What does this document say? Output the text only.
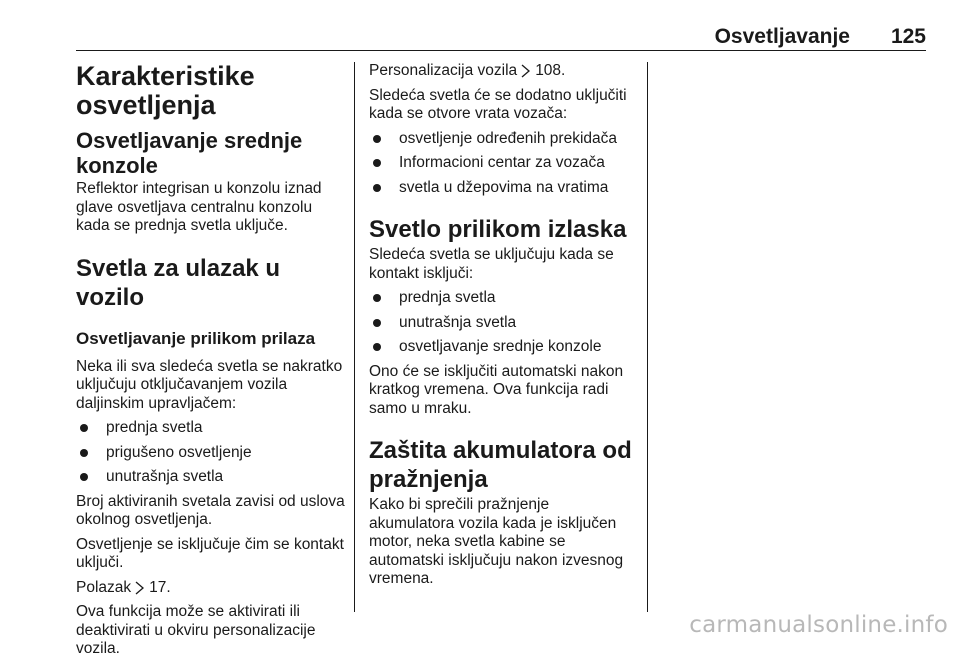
Osvetljavanje 125
Karakteristike osvetljenja
Osvetljavanje srednje konzole

Reflektor integrisan u konzolu iznad glave osvetljava centralnu konzolu kada se prednja svetla uključe.

Svetla za ulazak u vozilo
Osvetljavanje prilikom prilaza

Neka ili sva sledeća svetla se nakratko uključuju otključavanjem vozila daljinskim upravljačem:

prednja svetla
prigušeno osvetljenje
unutrašnja svetla

Broj aktiviranih svetala zavisi od uslova okolnog osvetljenja.

Osvetljenje se isključuje čim se kontakt uključi.

Polazak 17.

Ova funkcija može se aktivirati ili deaktivirati u okviru personalizacije vozila.

Personalizacija vozila 108.

Sledeća svetla će se dodatno uključiti kada se otvore vrata vozača:

osvetljenje određenih prekidača
Informacioni centar za vozača
svetla u džepovima na vratima
Svetlo prilikom izlaska

Sledeća svetla se uključuju kada se kontakt isključi:

prednja svetla
unutrašnja svetla
osvetljavanje srednje konzole

Ono će se isključiti automatski nakon kratkog vremena. Ova funkcija radi samo u mraku.

Zaštita akumulatora od pražnjenja

Kako bi sprečili pražnjenje akumulatora vozila kada je isključen motor, neka svetla kabine se automatski isključuju nakon izvesnog vremena.

carmanualsonline.info
